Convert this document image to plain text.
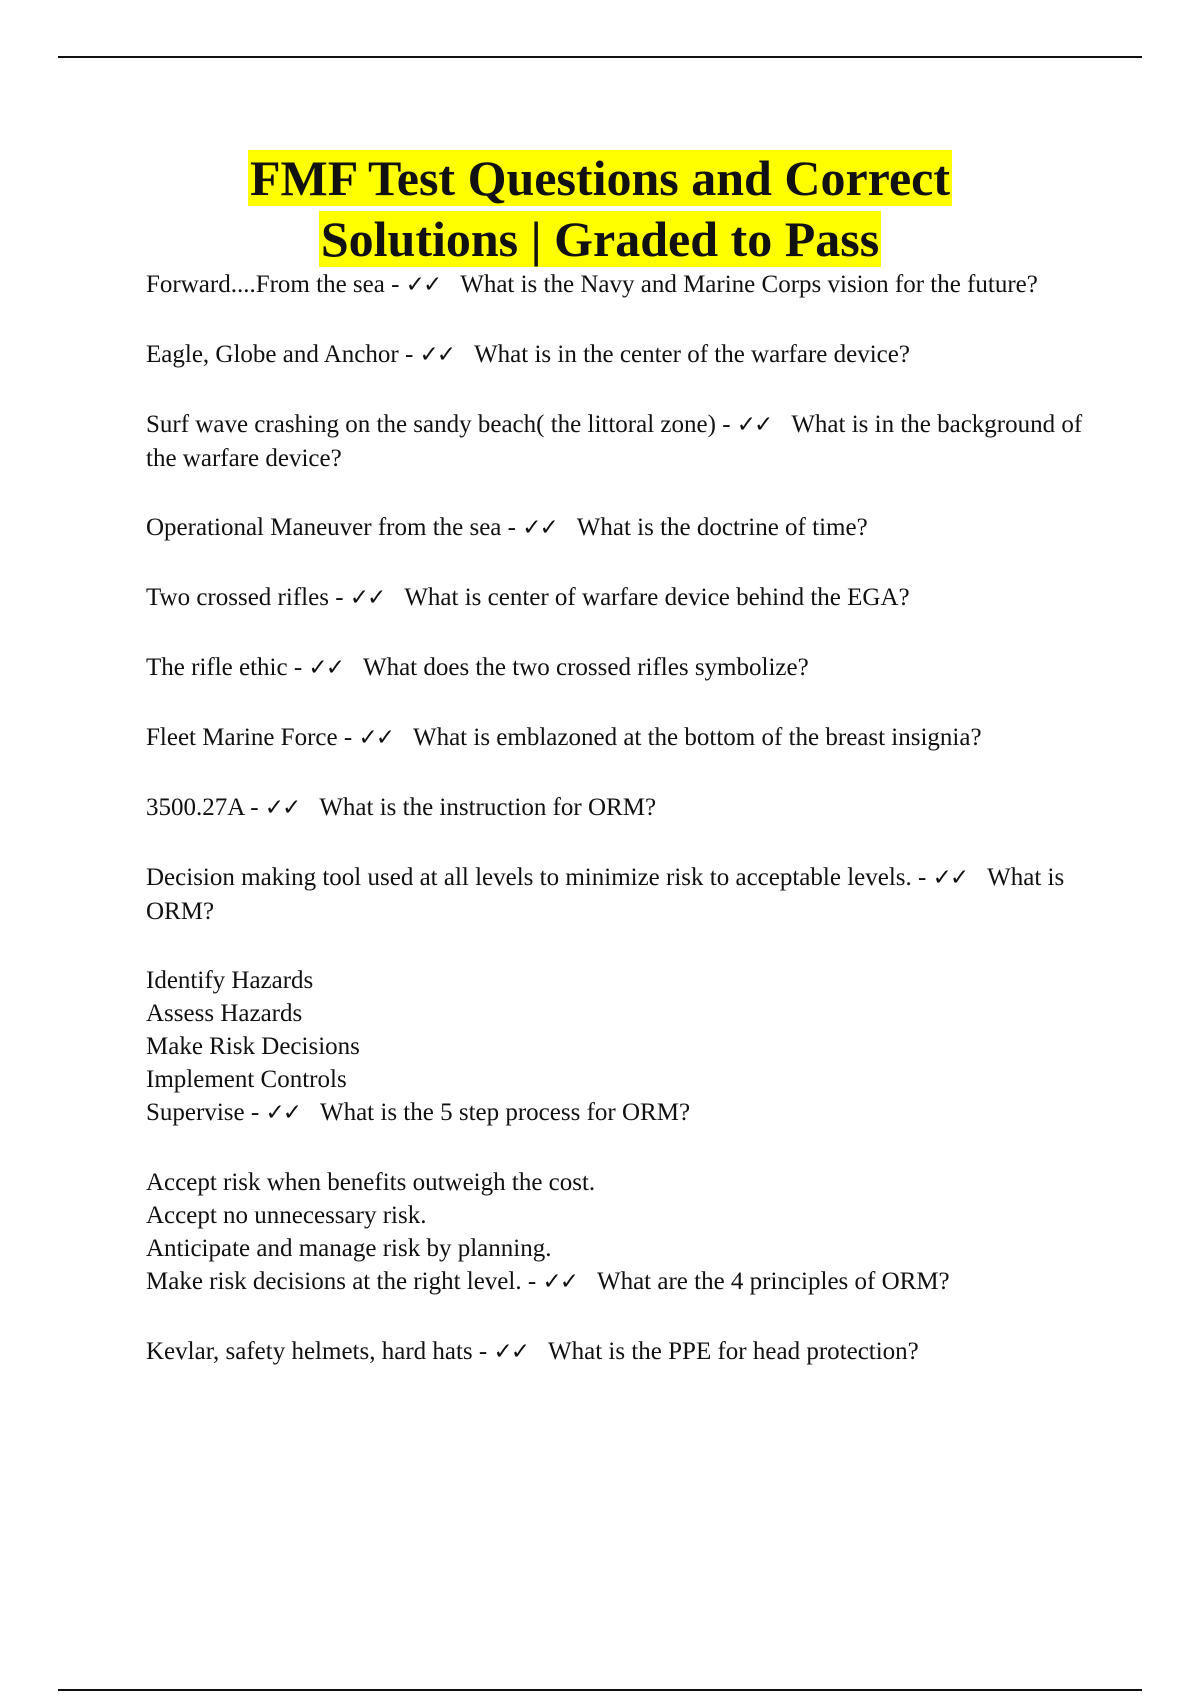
FMF Test Questions and Correct
Solutions | Graded to Pass
Forward....From the sea - ✓✓ What is the Navy and Marine Corps vision for the future?
Eagle, Globe and Anchor - ✓✓ What is in the center of the warfare device?
Surf wave crashing on the sandy beach( the littoral zone) - ✓✓ What is in the background of the warfare device?
Operational Maneuver from the sea - ✓✓ What is the doctrine of time?
Two crossed rifles - ✓✓ What is center of warfare device behind the EGA?
The rifle ethic - ✓✓ What does the two crossed rifles symbolize?
Fleet Marine Force - ✓✓ What is emblazoned at the bottom of the breast insignia?
3500.27A - ✓✓ What is the instruction for ORM?
Decision making tool used at all levels to minimize risk to acceptable levels. - ✓✓ What is ORM?
Identify Hazards
Assess Hazards
Make Risk Decisions
Implement Controls
Supervise - ✓✓ What is the 5 step process for ORM?
Accept risk when benefits outweigh the cost.
Accept no unnecessary risk.
Anticipate and manage risk by planning.
Make risk decisions at the right level. - ✓✓ What are the 4 principles of ORM?
Kevlar, safety helmets, hard hats - ✓✓ What is the PPE for head protection?
